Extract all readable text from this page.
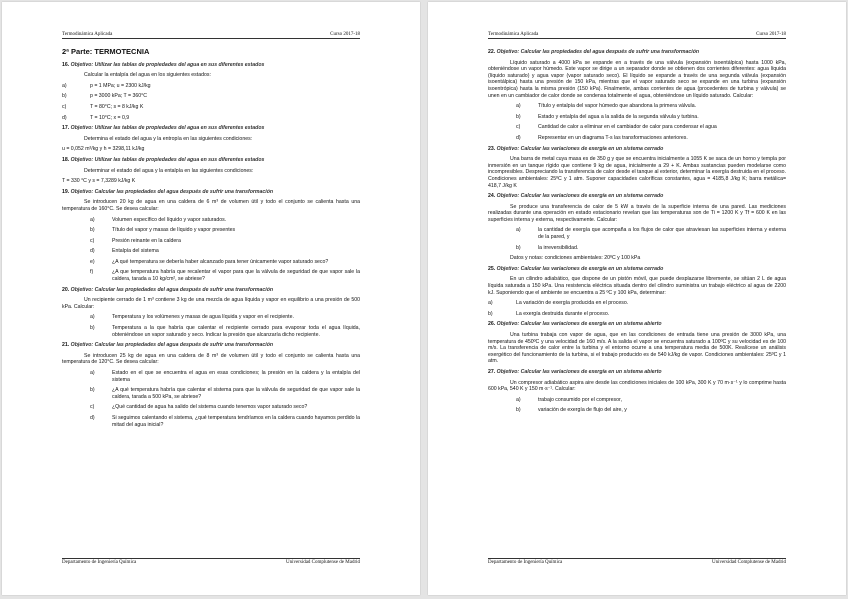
Termodinámica Aplicada	Curso 2017-18

2ª Parte: TERMOTECNIA

16. Objetivo: Utilizar las tablas de propiedades del agua en sus diferentes estados

Calcular la entalpía del agua en los siguientes estados:

a)	p = 1 MPa; u = 2300 kJ/kg
b)	p = 3000 kPa; T = 360°C
c)	T = 80°C; s = 8 kJ/kg K
d)	T = 10°C; x = 0,9

17. Objetivo: Utilizar las tablas de propiedades del agua en sus diferentes estados

Determina el estado del agua y la entropía en las siguientes condiciones:

u = 0,052 m³/kg y h = 3298,11 kJ/kg

18. Objetivo: Utilizar las tablas de propiedades del agua en sus diferentes estados

Determinar el estado del agua y la entalpía en las siguientes condiciones:

T = 330 °C y s = 7,3289 kJ/kg K

19. Objetivo: Calcular las propiedades del agua después de sufrir una transformación

Se introducen 20 kg de agua en una caldera de 6 m³ de volumen útil y todo el conjunto se calienta hasta una temperatura de 160°C. Se desea calcular:

a)	Volumen específico del líquido y vapor saturados.
b)	Título del vapor y masas de líquido y vapor presentes
c)	Presión reinante en la caldera
d)	Entalpía del sistema
e)	¿A qué temperatura se debería haber alcanzado para tener únicamente vapor saturado seco?
f)	¿A que temperatura habría que recalentar el vapor para que la válvula de seguridad de que vapor sale la caldera, tarada a 10 kg/cm², se abriese?

20. Objetivo: Calcular las propiedades del agua después de sufrir una transformación

Un recipiente cerrado de 1 m³ contiene 3 kg de una mezcla de agua líquida y vapor en equilibrio a una presión de 500 kPa. Calcular:

a)	Temperatura y los volúmenes y masas de agua líquida y vapor en el recipiente.
b)	Temperatura a la que habría que calentar el recipiente cerrado para evaporar toda el agua líquida, obteniéndose un vapor saturado y seco. Indicar la presión que alcanzaría dicho recipiente.

21. Objetivo: Calcular las propiedades del agua después de sufrir una transformación

Se introducen 25 kg de agua en una caldera de 8 m³ de volumen útil y todo el conjunto se calienta hasta una temperatura de 120°C. Se desea calcular:

a)	Estado en el que se encuentra el agua en esas condiciones; la presión en la caldera y la entalpía del sistema
b)	¿A qué temperatura habría que calentar el sistema para que la válvula de seguridad de que vapor sale la caldera, tarada a 500 kPa, se abriese?
c)	¿Qué cantidad de agua ha salido del sistema cuando tenemos vapor saturado seco?
d)	Si seguimos calentando el sistema, ¿qué temperatura tendríamos en la caldera cuando hayamos perdido la mitad del agua inicial?
Departamento de Ingeniería Química	Universidad Complutense de Madrid
Termodinámica Aplicada	Curso 2017-18

22. Objetivo: Calcular las propiedades del agua después de sufrir una transformación

Líquido saturado a 4000 kPa se expande en a través de una válvula (expansión isoentálpica) hasta 1000 kPa, obteniéndose un vapor húmedo. Este vapor se dirige a un separador donde se obtienen dos corrientes diferentes: agua líquida (líquido saturado) y agua vapor (vapor saturado seco). El líquido se expande a través de una segunda válvula (expansión isoentálpica) hasta una presión de 150 kPa, mientras que el vapor saturado seco se expande en una turbina (expansión isoentrópica) hasta la misma presión (150 kPa). Finalmente, ambas corrientes de agua (procedentes de turbina y válvula) se unen en un cambiador de calor donde se condensa totalmente el agua, obteniéndose un líquido saturado. Calcular:

a)	Título y entalpía del vapor húmedo que abandona la primera válvula.
b)	Estado y entalpía del agua a la salida de la segunda válvula y turbina.
c)	Cantidad de calor a eliminar en el cambiador de calor para condensar el agua
d)	Representar en un diagrama T-s las transformaciones anteriores.

23. Objetivo: Calcular las variaciones de exergía en un sistema cerrado

Una barra de metal cuya masa es de 350 g y que se encuentra inicialmente a 1055 K se saca de un horno y templa por inmersión en un tanque rígido que contiene 9 kg de agua, inicialmente a 29 + K. Ambas sustancias pueden modelarse como incompresibles. Despreciando la transferencia de calor desde el tanque al exterior, determinar la exergía destruida en el proceso. Condiciones ambientales: 25ºC y 1 atm. Suponer capacidades caloríficas constantes, agua = 4185,8 J/kg K; barra metálica= 418,7 J/kg K

24. Objetivo: Calcular las variaciones de exergía en un sistema cerrado

Se produce una transferencia de calor de 5 kW a través de la superficie interna de una pared. Las mediciones realizadas durante una operación en estado estacionario revelan que las temperaturas son de Ti = 1200 K y Tf = 600 K en las superficies interna y externa, respectivamente. Calcular:

a)	la cantidad de exergía que acompaña a los flujos de calor que atraviesan las superficies interna y externa de la pared, y
b)	la irreversibilidad.

Datos y notas: condiciones ambientales: 20ºC y 100 kPa

25. Objetivo: Calcular las variaciones de exergía en un sistema cerrado

En un cilindro adiabático, que dispone de un pistón móvil, que puede desplazarse libremente, se sitúan 2 L de agua líquida saturada a 150 kPa. Una resistencia eléctrica situada dentro del cilindro suministra un trabajo eléctrico al agua de 2200 kJ. Suponiendo que el ambiente se encuentra a 25 ºC y 100 kPa, determinar:

a)	La variación de exergía producida en el proceso.
b)	La exergía destruida durante el proceso.

26. Objetivo: Calcular las variaciones de exergía en un sistema abierto

Una turbina trabaja con vapor de agua, que en las condiciones de entrada tiene una presión de 3000 kPa, una temperatura de 450ºC y una velocidad de 160 m/s. A la salida el vapor se encuentra saturado a 100ºC y su velocidad es de 100 m/s. La transferencia de calor entre la turbina y el entorno ocurre a una temperatura media de 500K. Realícese un análisis exergético del funcionamiento de la turbina, si el trabajo producido es de 540 kJ/kg de vapor. Condiciones ambientales: 25ºC y 1 atm.

27. Objetivo: Calcular las variaciones de exergía en un sistema abierto

Un compresor adiabático aspira aire desde las condiciones iniciales de 100 kPa, 300 K y 70 m·s⁻¹ y lo comprime hasta 600 kPa, 540 K y 150 m·s⁻¹. Calcular:

a)	trabajo consumido por el compresor,
b)	variación de exergía de flujo del aire, y
Departamento de Ingeniería Química	Universidad Complutense de Madrid
